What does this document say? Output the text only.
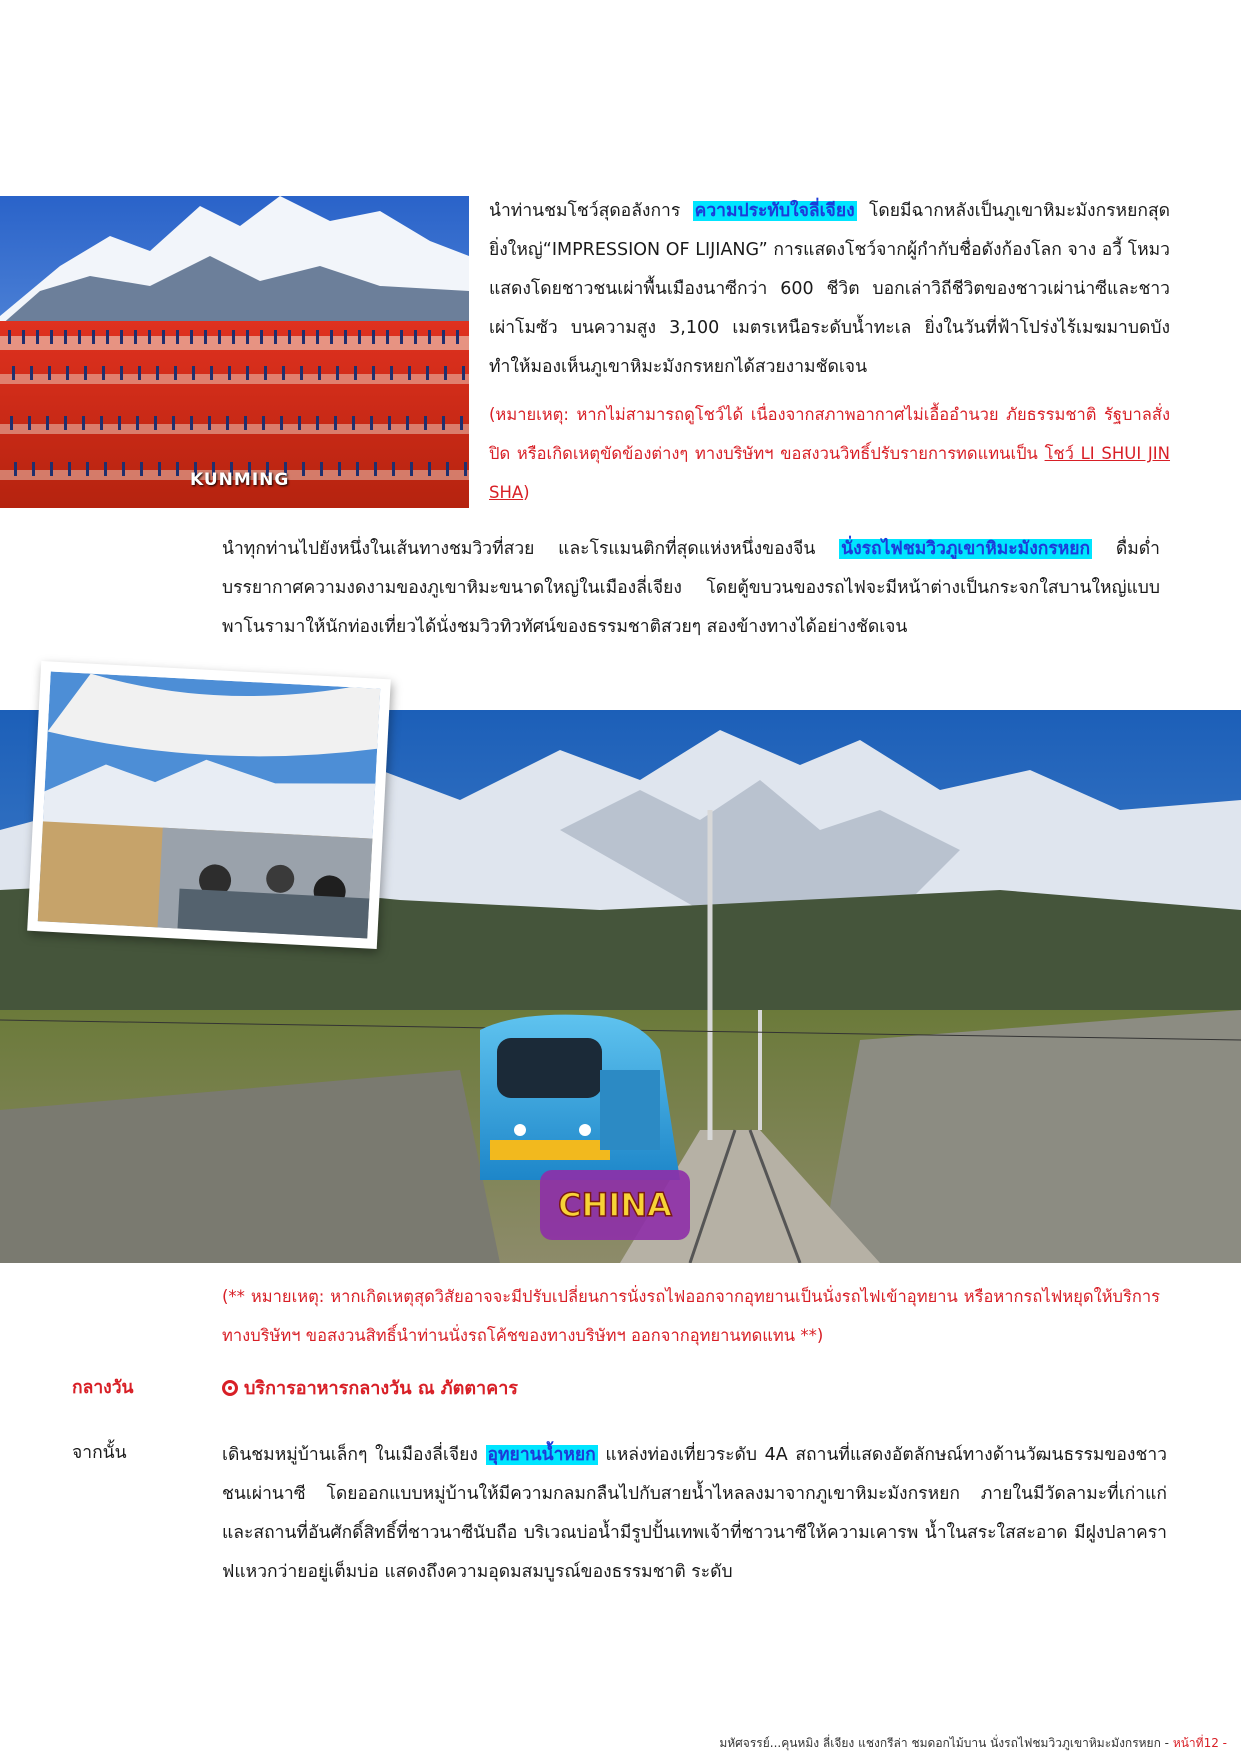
KUNMING
นำท่านชมโชว์สุดอลังการ ความประทับใจลี่เจียง โดยมีฉากหลังเป็นภูเขาหิมะมังกรหยกสุดยิ่งใหญ่“IMPRESSION OF LIJIANG” การแสดงโชว์จากผู้กำกับชื่อดังก้องโลก จาง อวี้ โหมว แสดงโดยชาวชนเผ่าพื้นเมืองนาซีกว่า 600 ชีวิต บอกเล่าวิถีชีวิตของชาวเผ่าน่าซีและชาวเผ่าโมซัว บนความสูง 3,100 เมตรเหนือระดับน้ำทะเล ยิ่งในวันที่ฟ้าโปร่งไร้เมฆมาบดบัง ทำให้มองเห็นภูเขาหิมะมังกรหยกได้สวยงามชัดเจน
(หมายเหตุ: หากไม่สามารถดูโชว์ได้ เนื่องจากสภาพอากาศไม่เอื้ออำนวย ภัยธรรมชาติ รัฐบาลสั่งปิด หรือเกิดเหตุขัดข้องต่างๆ ทางบริษัทฯ ขอสงวนวิทธิ์ปรับรายการทดแทนเป็น โชว์ LI SHUI JIN SHA)
นำทุกท่านไปยังหนึ่งในเส้นทางชมวิวที่สวย และโรแมนติกที่สุดแห่งหนึ่งของจีน นั่งรถไฟชมวิวภูเขาหิมะมังกรหยก ดื่มด่ำบรรยากาศความงดงามของภูเขาหิมะขนาดใหญ่ในเมืองลี่เจียง โดยตู้ขบวนของรถไฟจะมีหน้าต่างเป็นกระจกใสบานใหญ่แบบพาโนรามาให้นักท่องเที่ยวได้นั่งชมวิวทิวทัศน์ของธรรมชาติสวยๆ สองข้างทางได้อย่างชัดเจน
CHINA
(** หมายเหตุ: หากเกิดเหตุสุดวิสัยอาจจะมีปรับเปลี่ยนการนั่งรถไฟออกจากอุทยานเป็นนั่งรถไฟเข้าอุทยาน หรือหากรถไฟหยุดให้บริการ ทางบริษัทฯ ขอสงวนสิทธิ์นำท่านนั่งรถโค้ชของทางบริษัทฯ ออกจากอุทยานทดแทน **)
กลางวัน	บริการอาหารกลางวัน ณ ภัตตาคาร
จากนั้น	เดินชมหมู่บ้านเล็กๆ ในเมืองลี่เจียง อุทยานน้ำหยก แหล่งท่องเที่ยวระดับ 4A สถานที่แสดงอัตลักษณ์ทางด้านวัฒนธรรมของชาวชนเผ่านาซี โดยออกแบบหมู่บ้านให้มีความกลมกลืนไปกับสายน้ำไหลลงมาจากภูเขาหิมะมังกรหยก ภายในมีวัดลามะที่เก่าแก่ และสถานที่อันศักดิ์สิทธิ์ที่ชาวนาซีนับถือ บริเวณบ่อน้ำมีรูปปั้นเทพเจ้าที่ชาวนาซีให้ความเคารพ น้ำในสระใสสะอาด มีฝูงปลาคราฟแหวกว่ายอยู่เต็มบ่อ แสดงถึงความอุดมสมบูรณ์ของธรรมชาติ ระดับ
มหัศจรรย์...คุนหมิง ลี่เจียง แชงกรีล่า ชมดอกไม้บาน นั่งรถไฟชมวิวภูเขาหิมะมังกรหยก - หน้าที่12 -
